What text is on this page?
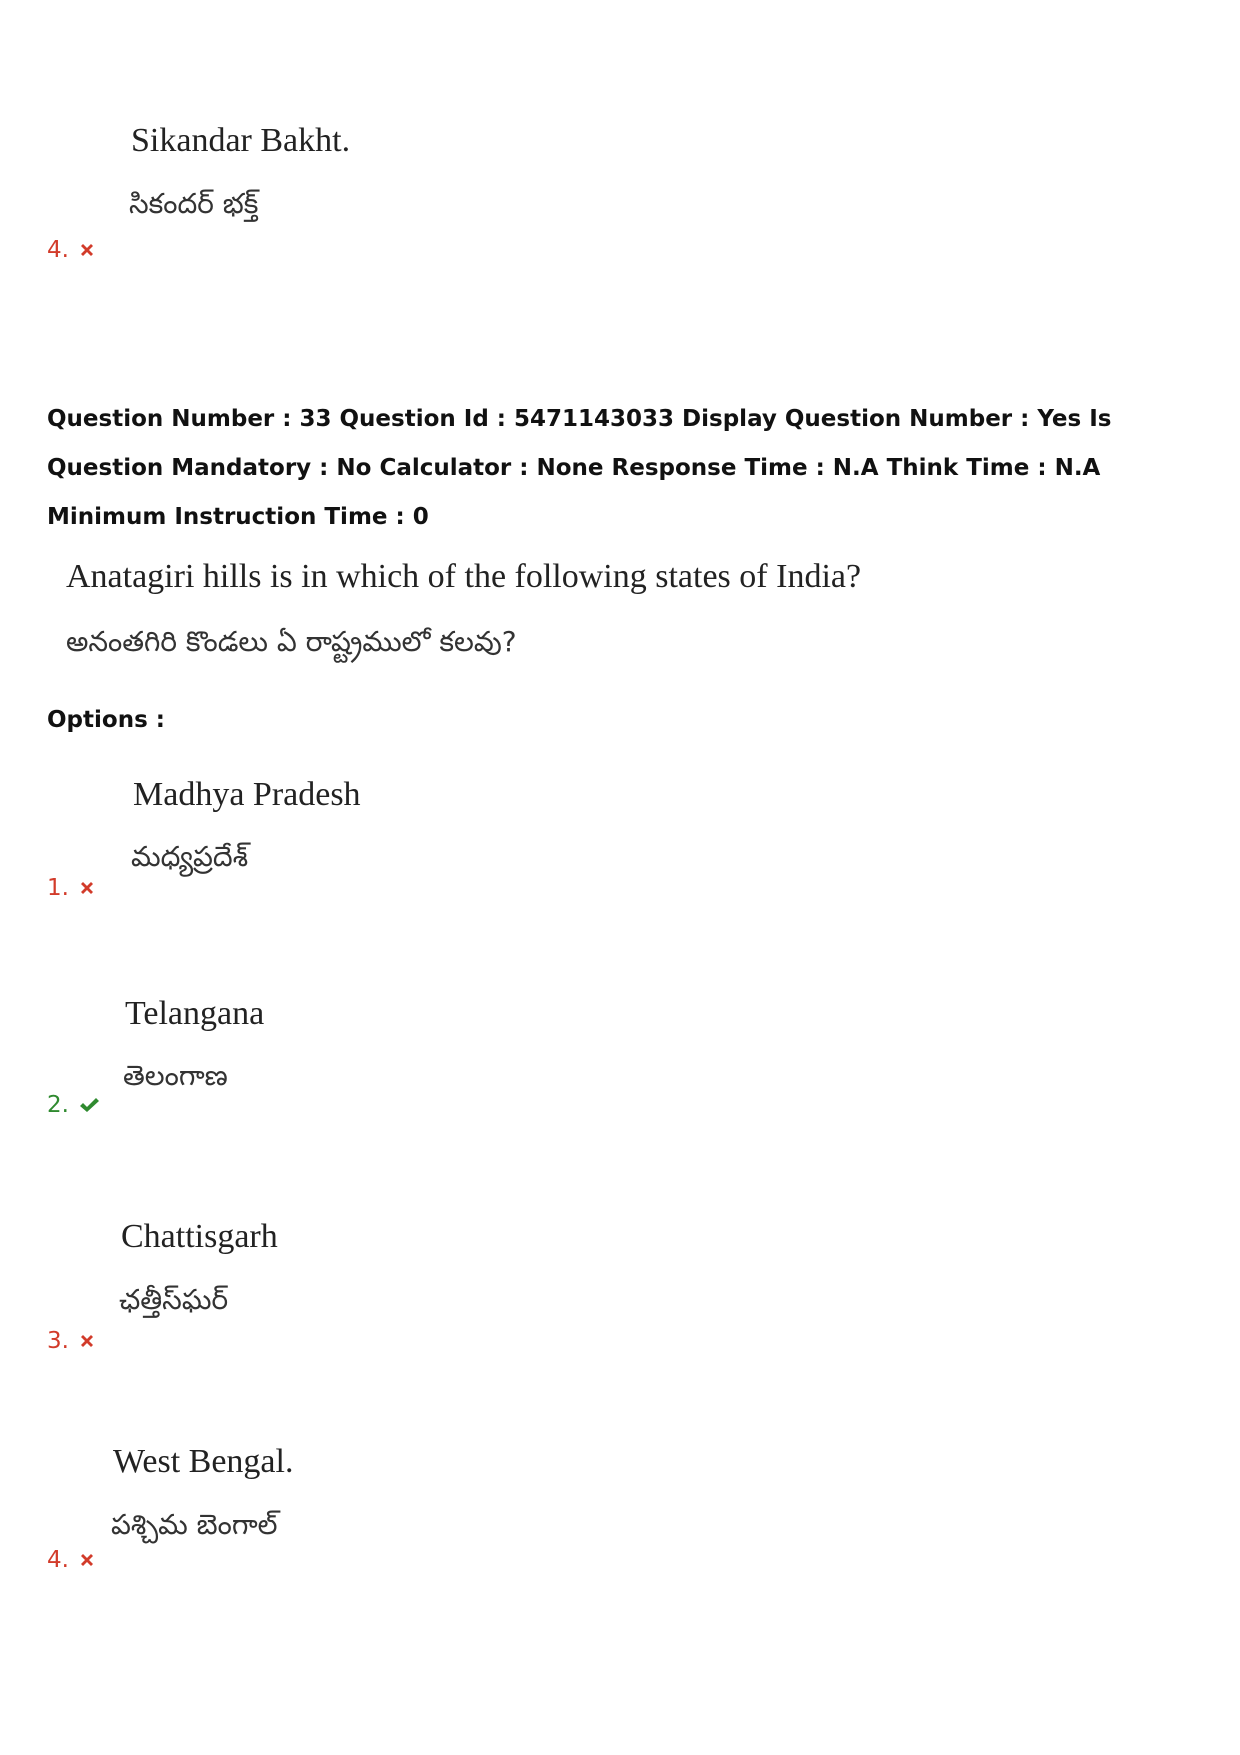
Sikandar Bakht.
సికందర్ భక్త్
4.
Question Number : 33 Question Id : 5471143033 Display Question Number : Yes Is Question Mandatory : No Calculator : None Response Time : N.A Think Time : N.A Minimum Instruction Time : 0
Anatagiri hills is in which of the following states of India?
అనంతగిరి కొండలు ఏ రాష్ట్రములో కలవు?
Options :
Madhya Pradesh
మధ్యప్రదేశ్
1.
Telangana
తెలంగాణ
2.
Chattisgarh
ఛత్తీస్‌ఘర్
3.
West Bengal.
పశ్చిమ బెంగాల్
4.
